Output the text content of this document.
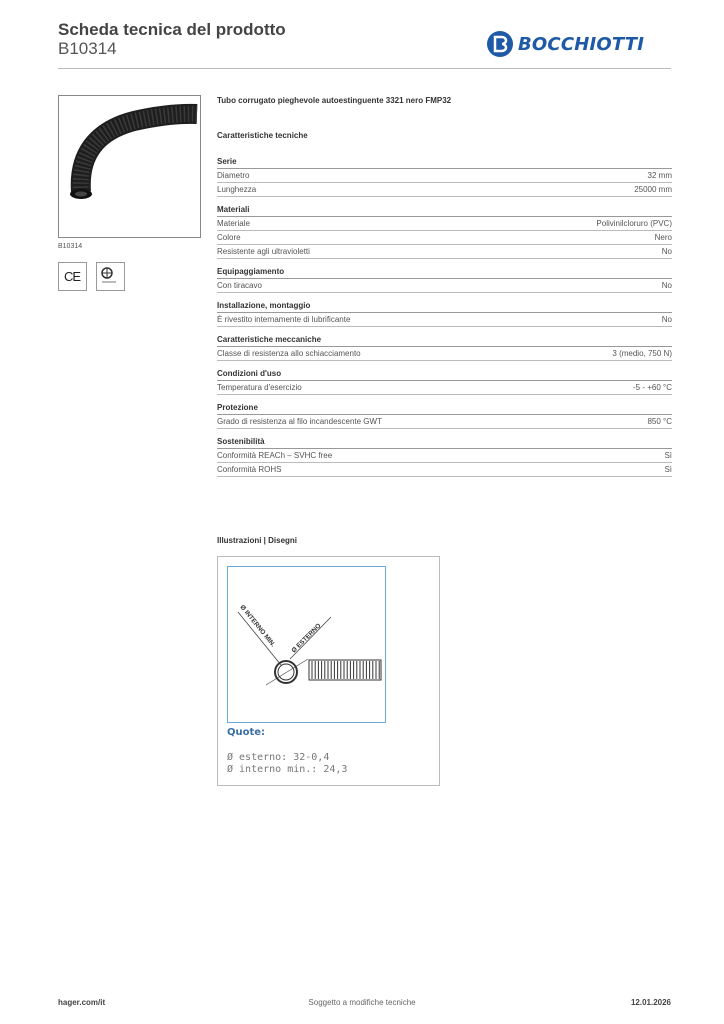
Scheda tecnica del prodotto
B10314	BOCCHIOTTI
B10314
CE
Tubo corrugato pieghevole autoestinguente 3321 nero FMP32
Caratteristiche tecniche
Serie
Diametro	32 mm
Lunghezza	25000 mm
Materiali
Materiale	Polivinilcloruro (PVC)
Colore	Nero
Resistente agli ultravioletti	No
Equipaggiamento
Con tiracavo	No
Installazione, montaggio
È rivestito internamente di lubrificante	No
Caratteristiche meccaniche
Classe di resistenza allo schiacciamento	3 (medio, 750 N)
Condizioni d'uso
Temperatura d'esercizio	-5 - +60 °C
Protezione
Grado di resistenza al filo incandescente GWT	850 °C
Sostenibilità
Conformità REACh – SVHC free	Sì
Conformità ROHS	Sì
Illustrazioni | Disegni
Ø INTERNO MIN. Ø ESTERNO
Quote:
Ø esterno: 32-0,4
Ø interno min.: 24,3
hager.com/it	Soggetto a modifiche tecniche	12.01.2026
